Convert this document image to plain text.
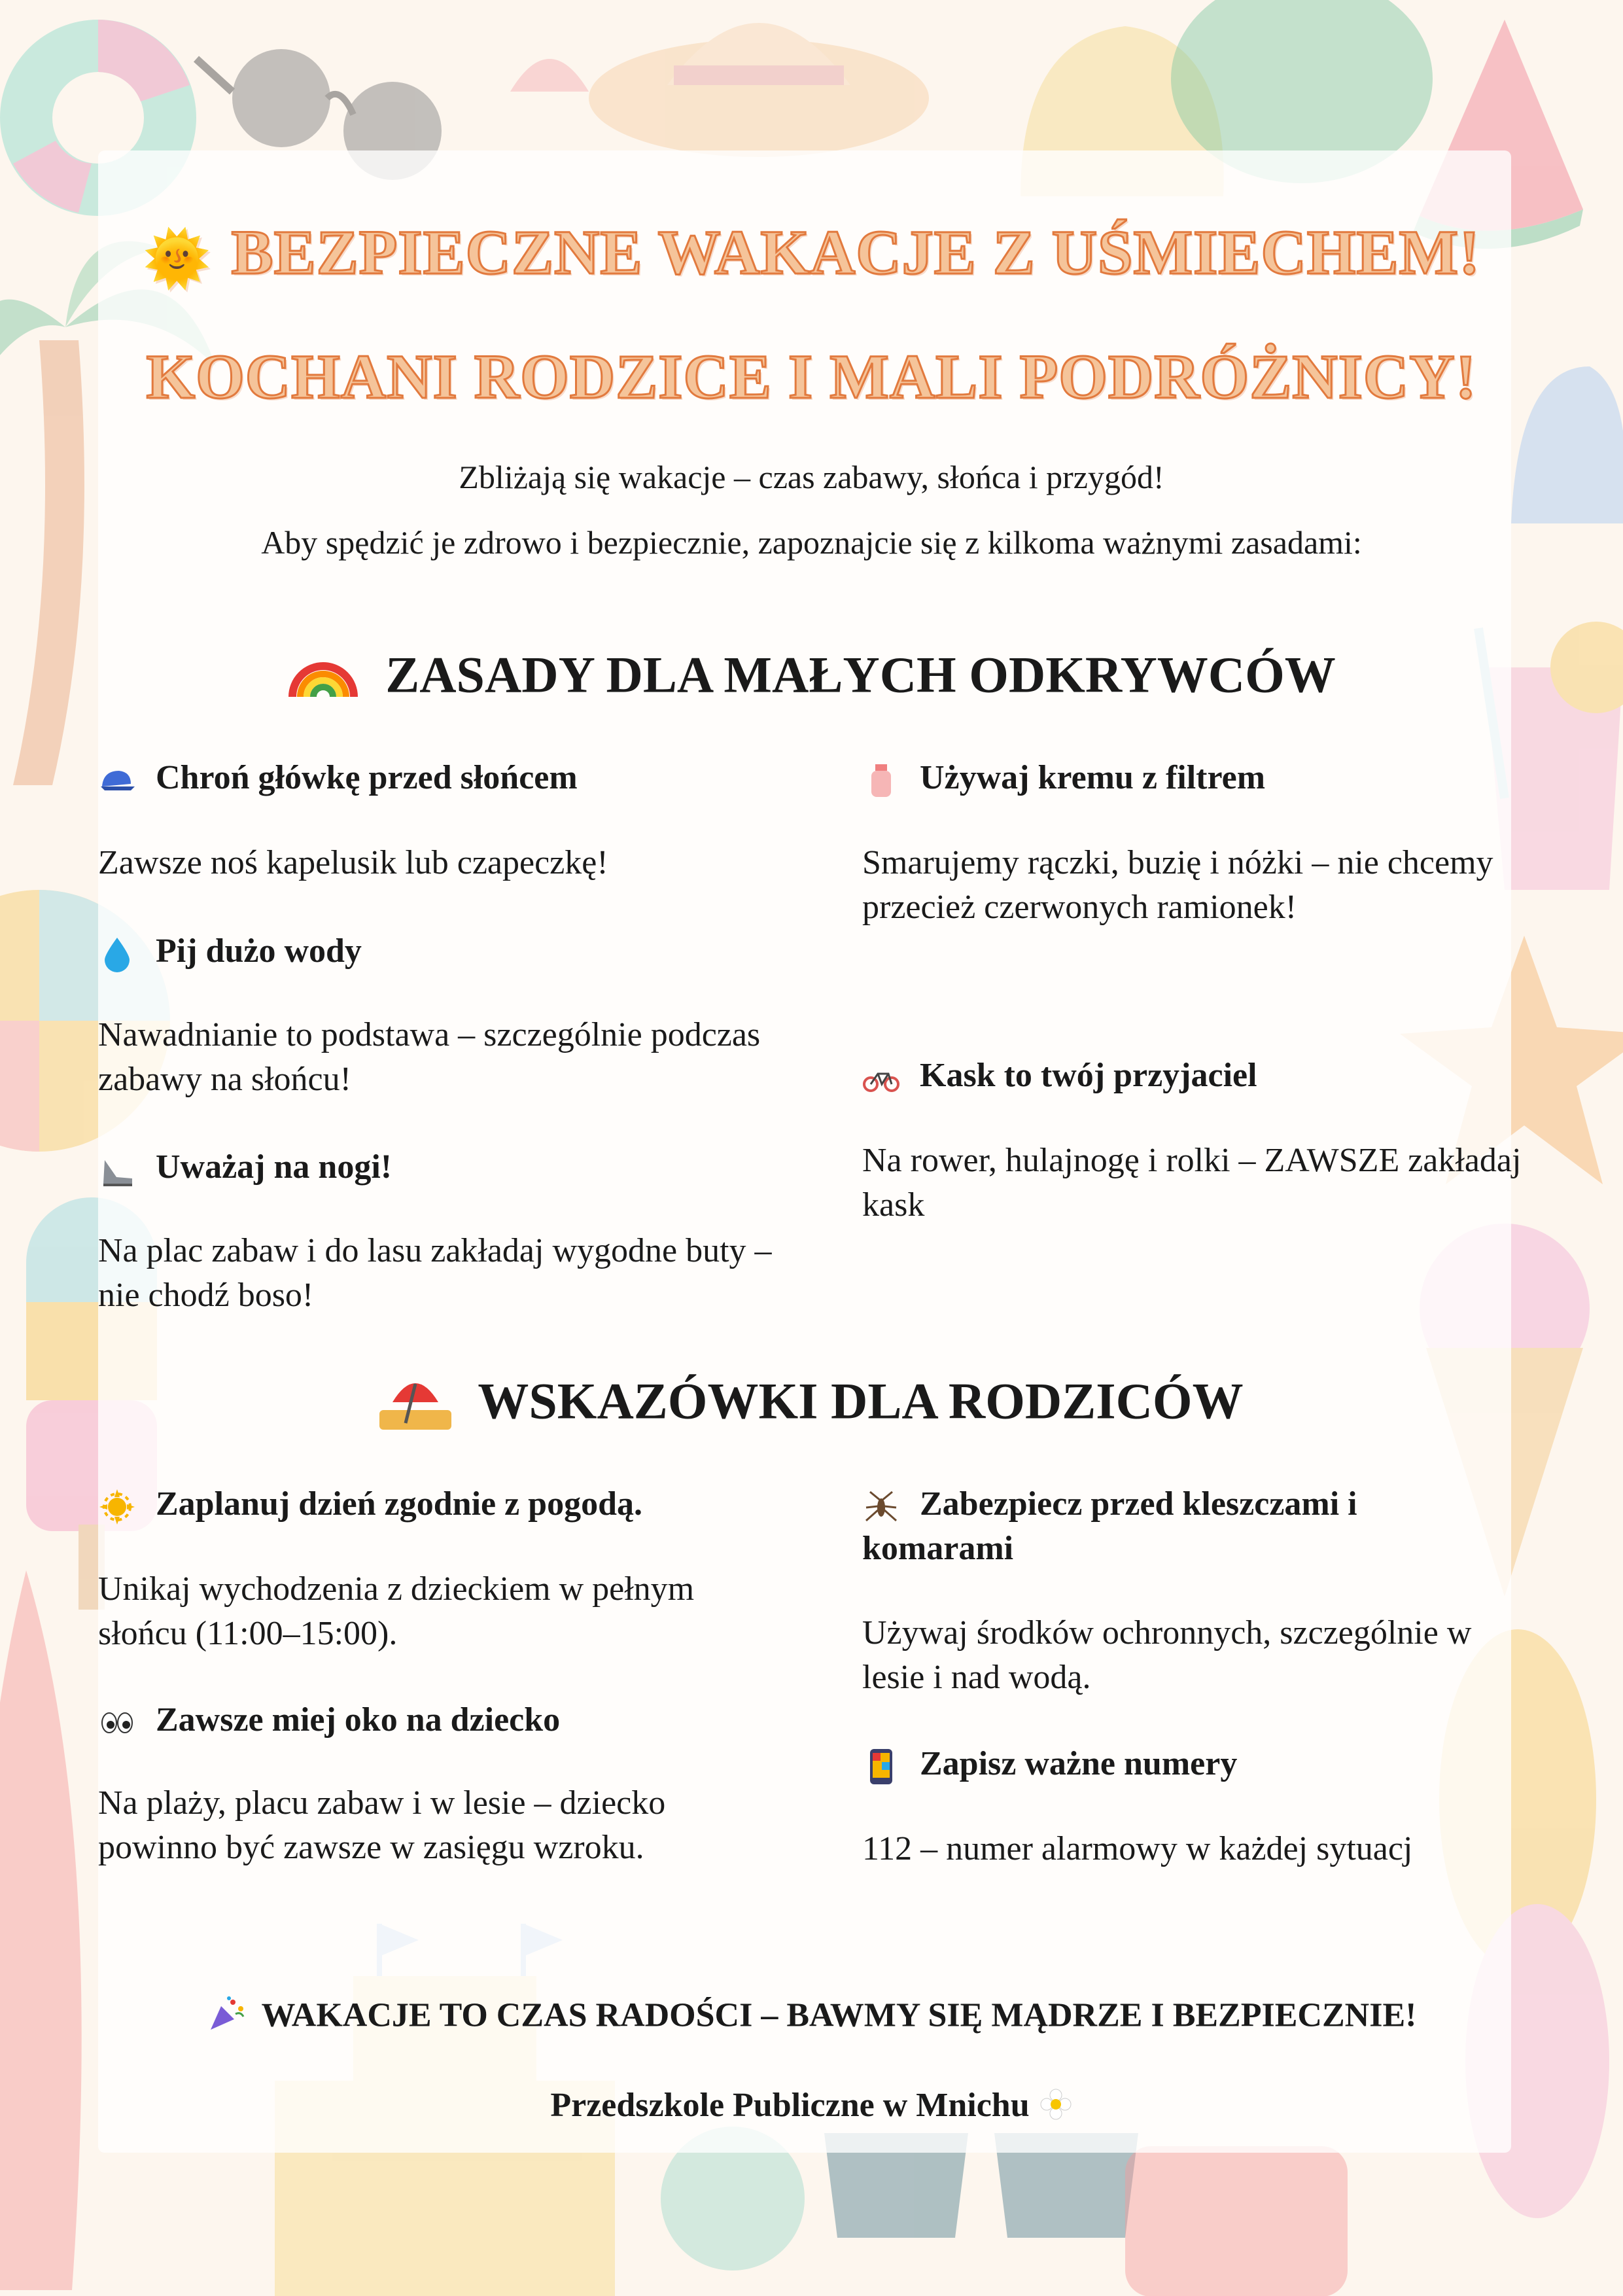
🌞 BEZPIECZNE WAKACJE Z UŚMIECHEM!
KOCHANI RODZICE I MALI PODRÓŻNICY!
Zbliżają się wakacje – czas zabawy, słońca i przygód!
Aby spędzić je zdrowo i bezpiecznie, zapoznajcie się z kilkoma ważnymi zasadami:
ZASADY DLA MAŁYCH ODKRYWCÓW
Chroń główkę przed słońcem
Zawsze noś kapelusik lub czapeczkę!
Pij dużo wody
Nawadnianie to podstawa – szczególnie podczas zabawy na słońcu!
Uważaj na nogi!
Na plac zabaw i do lasu zakładaj wygodne buty – nie chodź boso!
Używaj kremu z filtrem
Smarujemy rączki, buzię i nóżki – nie chcemy przecież czerwonych ramionek!
Kask to twój przyjaciel
Na rower, hulajnogę i rolki – ZAWSZE zakładaj kask
WSKAZÓWKI DLA RODZICÓW
Zaplanuj dzień zgodnie z pogodą.
Unikaj wychodzenia z dzieckiem w pełnym słońcu (11:00–15:00).
Zawsze miej oko na dziecko
Na plaży, placu zabaw i w lesie – dziecko powinno być zawsze w zasięgu wzroku.
Zabezpiecz przed kleszczami i komarami
Używaj środków ochronnych, szczególnie w lesie i nad wodą.
Zapisz ważne numery
112 – numer alarmowy w każdej sytuacj
WAKACJE TO CZAS RADOŚCI – BAWMY SIĘ MĄDRZE I BEZPIECZNIE!
Przedszkole Publiczne w Mnichu
